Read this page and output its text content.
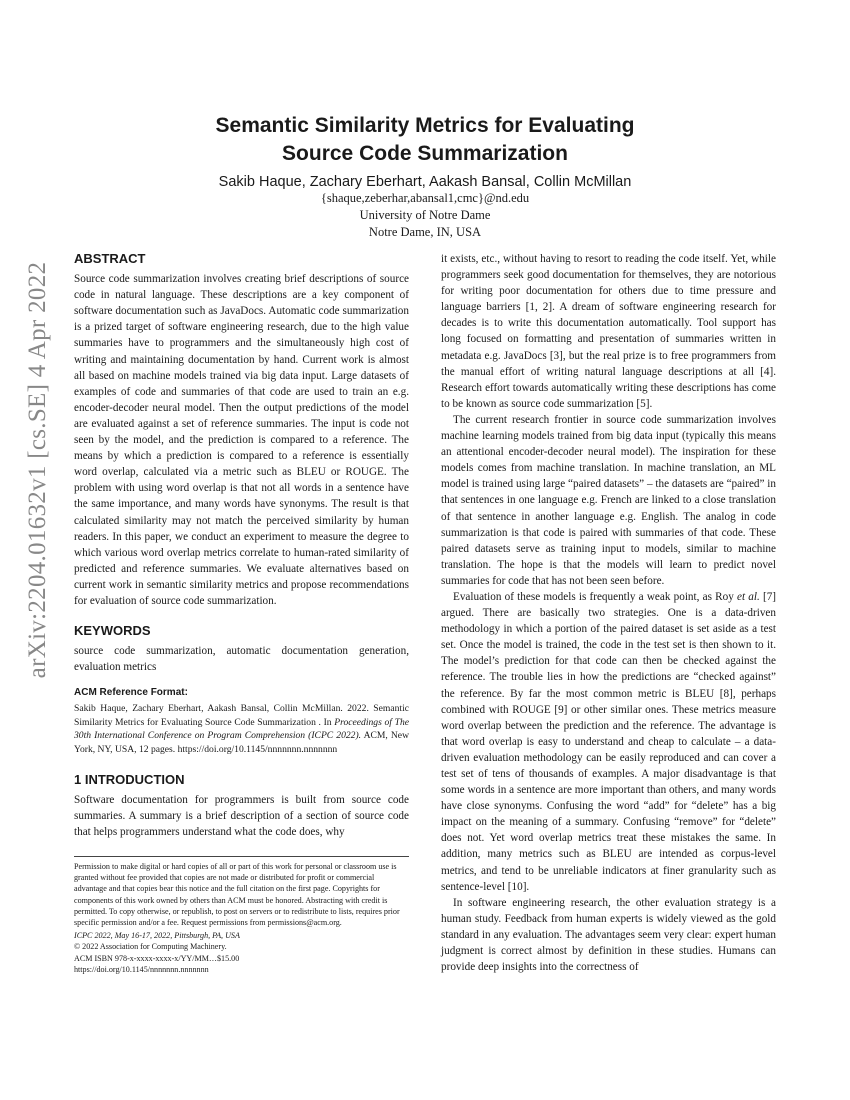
arXiv:2204.01632v1 [cs.SE] 4 Apr 2022
Semantic Similarity Metrics for Evaluating
Source Code Summarization
Sakib Haque, Zachary Eberhart, Aakash Bansal, Collin McMillan
{shaque,zeberhar,abansal1,cmc}@nd.edu
University of Notre Dame
Notre Dame, IN, USA
ABSTRACT

Source code summarization involves creating brief descriptions of source code in natural language. These descriptions are a key component of software documentation such as JavaDocs. Automatic code summarization is a prized target of software engineering research, due to the high value summaries have to programmers and the simultaneously high cost of writing and maintaining documentation by hand. Current work is almost all based on machine models trained via big data input. Large datasets of examples of code and summaries of that code are used to train an e.g. encoder-decoder neural model. Then the output predictions of the model are evaluated against a set of reference summaries. The input is code not seen by the model, and the prediction is compared to a reference. The means by which a prediction is compared to a reference is essentially word overlap, calculated via a metric such as BLEU or ROUGE. The problem with using word overlap is that not all words in a sentence have the same importance, and many words have synonyms. The result is that calculated similarity may not match the perceived similarity by human readers. In this paper, we conduct an experiment to measure the degree to which various word overlap metrics correlate to human-rated similarity of predicted and reference summaries. We evaluate alternatives based on current work in semantic similarity metrics and propose recommendations for evaluation of source code summarization.

KEYWORDS

source code summarization, automatic documentation generation, evaluation metrics

ACM Reference Format:

Sakib Haque, Zachary Eberhart, Aakash Bansal, Collin McMillan. 2022. Semantic Similarity Metrics for Evaluating Source Code Summarization . In Proceedings of The 30th International Conference on Program Comprehension (ICPC 2022). ACM, New York, NY, USA, 12 pages. https://doi.org/10.1145/nnnnnnn.nnnnnnn

1 INTRODUCTION

Software documentation for programmers is built from source code summaries. A summary is a brief description of a section of source code that helps programmers understand what the code does, why

Permission to make digital or hard copies of all or part of this work for personal or classroom use is granted without fee provided that copies are not made or distributed for profit or commercial advantage and that copies bear this notice and the full citation on the first page. Copyrights for components of this work owned by others than ACM must be honored. Abstracting with credit is permitted. To copy otherwise, or republish, to post on servers or to redistribute to lists, requires prior specific permission and/or a fee. Request permissions from permissions@acm.org.
ICPC 2022, May 16-17, 2022, Pittsburgh, PA, USA
© 2022 Association for Computing Machinery.
ACM ISBN 978-x-xxxx-xxxx-x/YY/MM…$15.00
https://doi.org/10.1145/nnnnnnn.nnnnnnn

it exists, etc., without having to resort to reading the code itself. Yet, while programmers seek good documentation for themselves, they are notorious for writing poor documentation for others due to time pressure and language barriers [1, 2]. A dream of software engineering research for decades is to write this documentation automatically. Tool support has long focused on formatting and presentation of summaries written in metadata e.g. JavaDocs [3], but the real prize is to free programmers from the manual effort of writing natural language descriptions at all [4]. Research effort towards automatically writing these descriptions has come to be known as source code summarization [5].

The current research frontier in source code summarization involves machine learning models trained from big data input (typically this means an attentional encoder-decoder neural model). The inspiration for these models comes from machine translation. In machine translation, an ML model is trained using large “paired datasets” – the datasets are “paired” in that sentences in one language e.g. French are linked to a close translation of that sentence in another language e.g. English. The analog in code summarization is that code is paired with summaries of that code. These paired datasets serve as training input to models, similar to machine translation. The hope is that the models will learn to predict novel summaries for code that has not been seen before.

Evaluation of these models is frequently a weak point, as Roy et al. [7] argued. There are basically two strategies. One is a data-driven methodology in which a portion of the paired dataset is set aside as a test set. Once the model is trained, the code in the test set is then shown to it. The model’s prediction for that code can then be checked against the reference. The trouble lies in how the predictions are “checked against” the reference. By far the most common metric is BLEU [8], perhaps combined with ROUGE [9] or other similar ones. These metrics measure word overlap between the prediction and the reference. The advantage is that word overlap is easy to understand and cheap to calculate – a data-driven evaluation methodology can be easily reproduced and can cover a test set of tens of thousands of examples. A major disadvantage is that some words in a sentence are more important than others, and many words have close synonyms. Confusing the word “add” for “delete” has a big impact on the meaning of a summary. Confusing “remove” for “delete” does not. Yet word overlap metrics treat these mistakes the same. In addition, many metrics such as BLEU are intended as corpus-level metrics, and tend to be unreliable indicators at finer granularity such as sentence-level [10].

In software engineering research, the other evaluation strategy is a human study. Feedback from human experts is widely viewed as the gold standard in any evaluation. The advantages seem very clear: expert human judgment is correct almost by definition in these studies. Humans can provide deep insights into the correctness of
